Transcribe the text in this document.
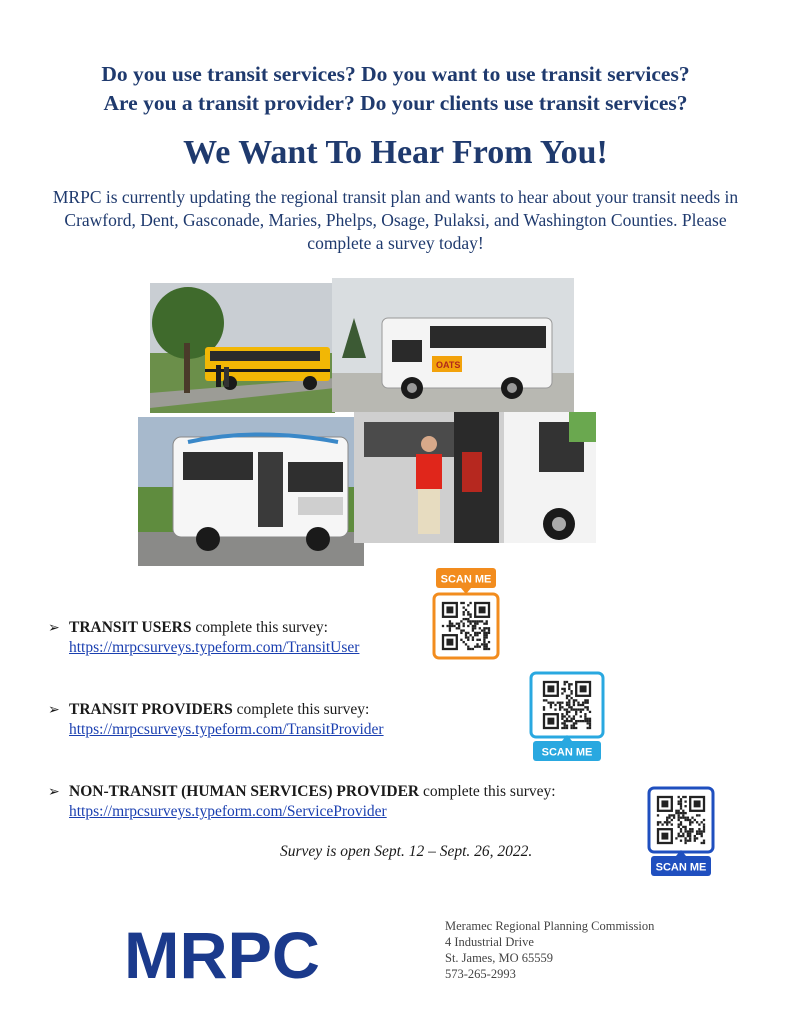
Do you use transit services? Do you want to use transit services?
Are you a transit provider? Do your clients use transit services?
We Want To Hear From You!
MRPC is currently updating the regional transit plan and wants to hear about your transit needs in Crawford, Dent, Gasconade, Maries, Phelps, Osage, Pulaksi, and Washington Counties. Please complete a survey today!
OATS
➢ TRANSIT USERS complete this survey:
https://mrpcsurveys.typeform.com/TransitUser
➢ TRANSIT PROVIDERS complete this survey:
https://mrpcsurveys.typeform.com/TransitProvider
➢ NON-TRANSIT (HUMAN SERVICES) PROVIDER complete this survey:
https://mrpcsurveys.typeform.com/ServiceProvider
SCAN ME
SCAN ME
SCAN ME
Survey is open Sept. 12 – Sept. 26, 2022.
MRPC	Meramec Regional Planning Commission
4 Industrial Drive
St. James, MO 65559
573-265-2993
